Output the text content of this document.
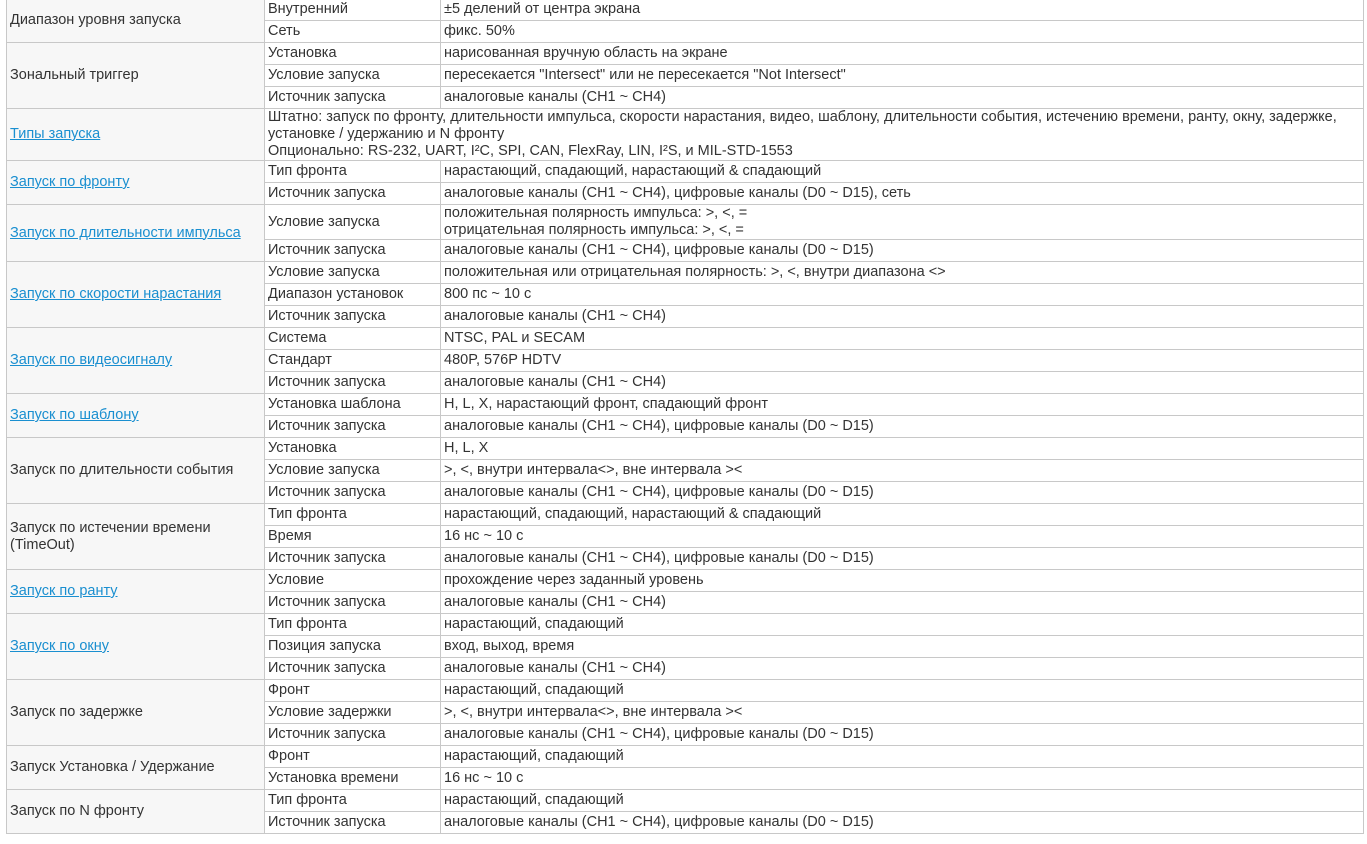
Диапазон уровня запуска	Внутренний	±5 делений от центра экрана

	Сеть	фикс. 50%

Зональный триггер	Установка	нарисованная вручную область на экране

	Условие запуска	пересекается "Intersect" или не пересекается "Not Intersect"

	Источник запуска	аналоговые каналы (CH1 ~ CH4)

Типы запуска	Штатно: запуск по фронту, длительности импульса, скорости нарастания, видео, шаблону, длительности события, истечению времени, ранту, окну, задержке, установке / удержанию и N фронту
Опционально: RS-232, UART, I²C, SPI, CAN, FlexRay, LIN, I²S, и MIL-STD-1553	

Запуск по фронту	Тип фронта	нарастающий, спадающий, нарастающий & спадающий

	Источник запуска	аналоговые каналы (CH1 ~ CH4), цифровые каналы (D0 ~ D15), сеть

Запуск по длительности импульса	Условие запуска	положительная полярность импульса: >, <, =
отрицательная полярность импульса: >, <, =

	Источник запуска	аналоговые каналы (CH1 ~ CH4), цифровые каналы (D0 ~ D15)

Запуск по скорости нарастания	Условие запуска	положительная или отрицательная полярность: >, <, внутри диапазона <>

	Диапазон установок	800 пс ~ 10 с

	Источник запуска	аналоговые каналы (CH1 ~ CH4)

Запуск по видеосигналу	Система	NTSC, PAL и SECAM

	Стандарт	480P, 576P HDTV

	Источник запуска	аналоговые каналы (CH1 ~ CH4)

Запуск по шаблону	Установка шаблона	H, L, X, нарастающий фронт, спадающий фронт

	Источник запуска	аналоговые каналы (CH1 ~ CH4), цифровые каналы (D0 ~ D15)

Запуск по длительности события	Установка	H, L, X

	Условие запуска	>, <, внутри интервала<>, вне интервала ><

	Источник запуска	аналоговые каналы (CH1 ~ CH4), цифровые каналы (D0 ~ D15)

Запуск по истечении времени (TimeOut)	Тип фронта	нарастающий, спадающий, нарастающий & спадающий

	Время	16 нс ~ 10 с

	Источник запуска	аналоговые каналы (CH1 ~ CH4), цифровые каналы (D0 ~ D15)

Запуск по ранту	Условие	прохождение через заданный уровень

	Источник запуска	аналоговые каналы (CH1 ~ CH4)

Запуск по окну	Тип фронта	нарастающий, спадающий

	Позиция запуска	вход, выход, время

	Источник запуска	аналоговые каналы (CH1 ~ CH4)

Запуск по задержке	Фронт	нарастающий, спадающий

	Условие задержки	>, <, внутри интервала<>, вне интервала ><

	Источник запуска	аналоговые каналы (CH1 ~ CH4), цифровые каналы (D0 ~ D15)

Запуск Установка / Удержание	Фронт	нарастающий, спадающий

	Установка времени	16 нс ~ 10 с

Запуск по N фронту	Тип фронта	нарастающий, спадающий

	Источник запуска	аналоговые каналы (CH1 ~ CH4), цифровые каналы (D0 ~ D15)
